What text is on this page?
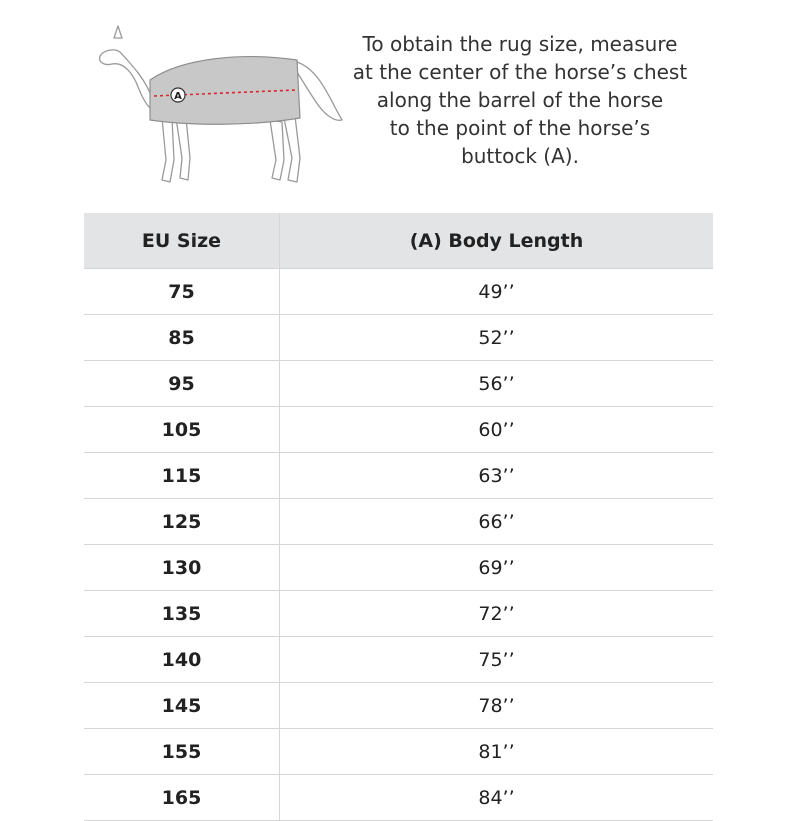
A
To obtain the rug size, measure
at the center of the horse’s chest
along the barrel of the horse
to the point of the horse’s
buttock (A).
EU Size	(A) Body Length
75	49’’
85	52’’
95	56’’
105	60’’
115	63’’
125	66’’
130	69’’
135	72’’
140	75’’
145	78’’
155	81’’
165	84’’
